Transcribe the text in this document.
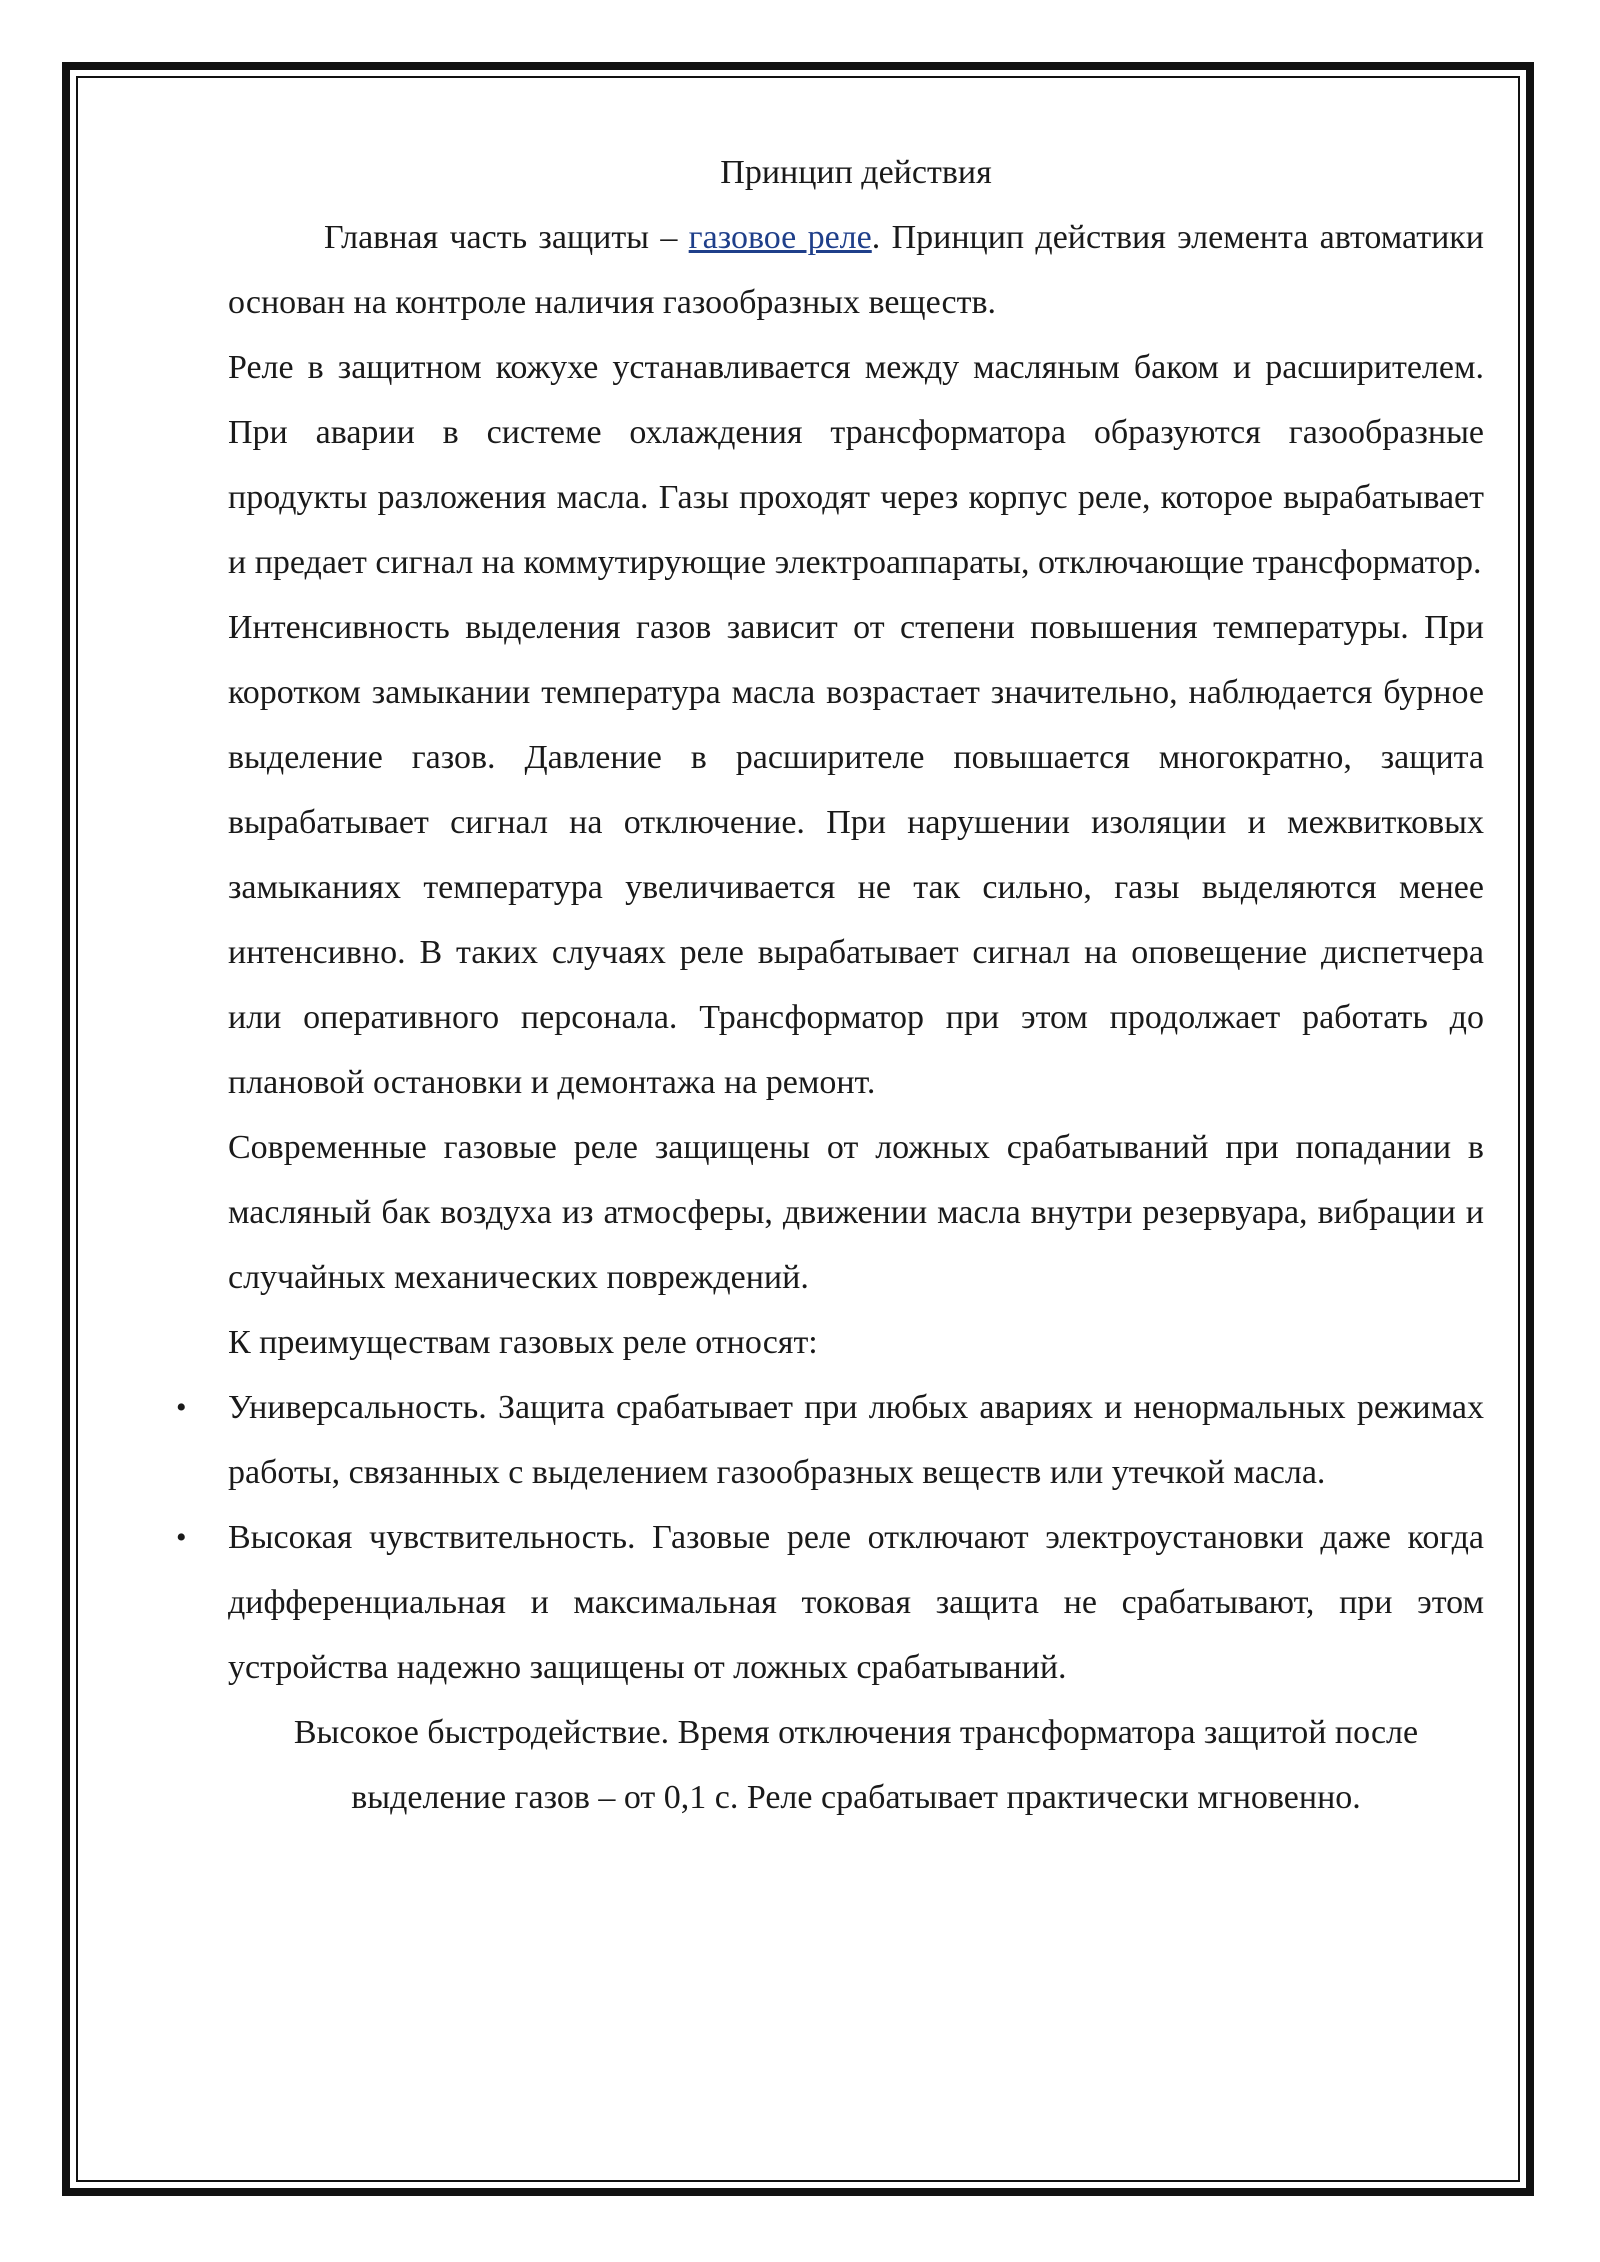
Принцип действия

Главная часть защиты – газовое реле. Принцип действия элемента автоматики основан на контроле наличия газообразных веществ.

Реле в защитном кожухе устанавливается между масляным баком и расширителем. При аварии в системе охлаждения трансформатора образуются газообразные продукты разложения масла. Газы проходят через корпус реле, которое вырабатывает и предает сигнал на коммутирующие электроаппараты, отключающие трансформатор.

Интенсивность выделения газов зависит от степени повышения температуры. При коротком замыкании температура масла возрастает значительно, наблюдается бурное выделение газов. Давление в расширителе повышается многократно, защита вырабатывает сигнал на отключение. При нарушении изоляции и межвитковых замыканиях температура увеличивается не так сильно, газы выделяются менее интенсивно. В таких случаях реле вырабатывает сигнал на оповещение диспетчера или оперативного персонала. Трансформатор при этом продолжает работать до плановой остановки и демонтажа на ремонт.

Современные газовые реле защищены от ложных срабатываний при попадании в масляный бак воздуха из атмосферы, движении масла внутри резервуара, вибрации и случайных механических повреждений.

К преимуществам газовых реле относят:

• Универсальность. Защита срабатывает при любых авариях и ненормальных режимах работы, связанных с выделением газообразных веществ или утечкой масла.
• Высокая чувствительность. Газовые реле отключают электроустановки даже когда дифференциальная и максимальная токовая защита не срабатывают, при этом устройства надежно защищены от ложных срабатываний.

Высокое быстродействие. Время отключения трансформатора защитой после выделение газов – от 0,1 с. Реле срабатывает практически мгновенно.
